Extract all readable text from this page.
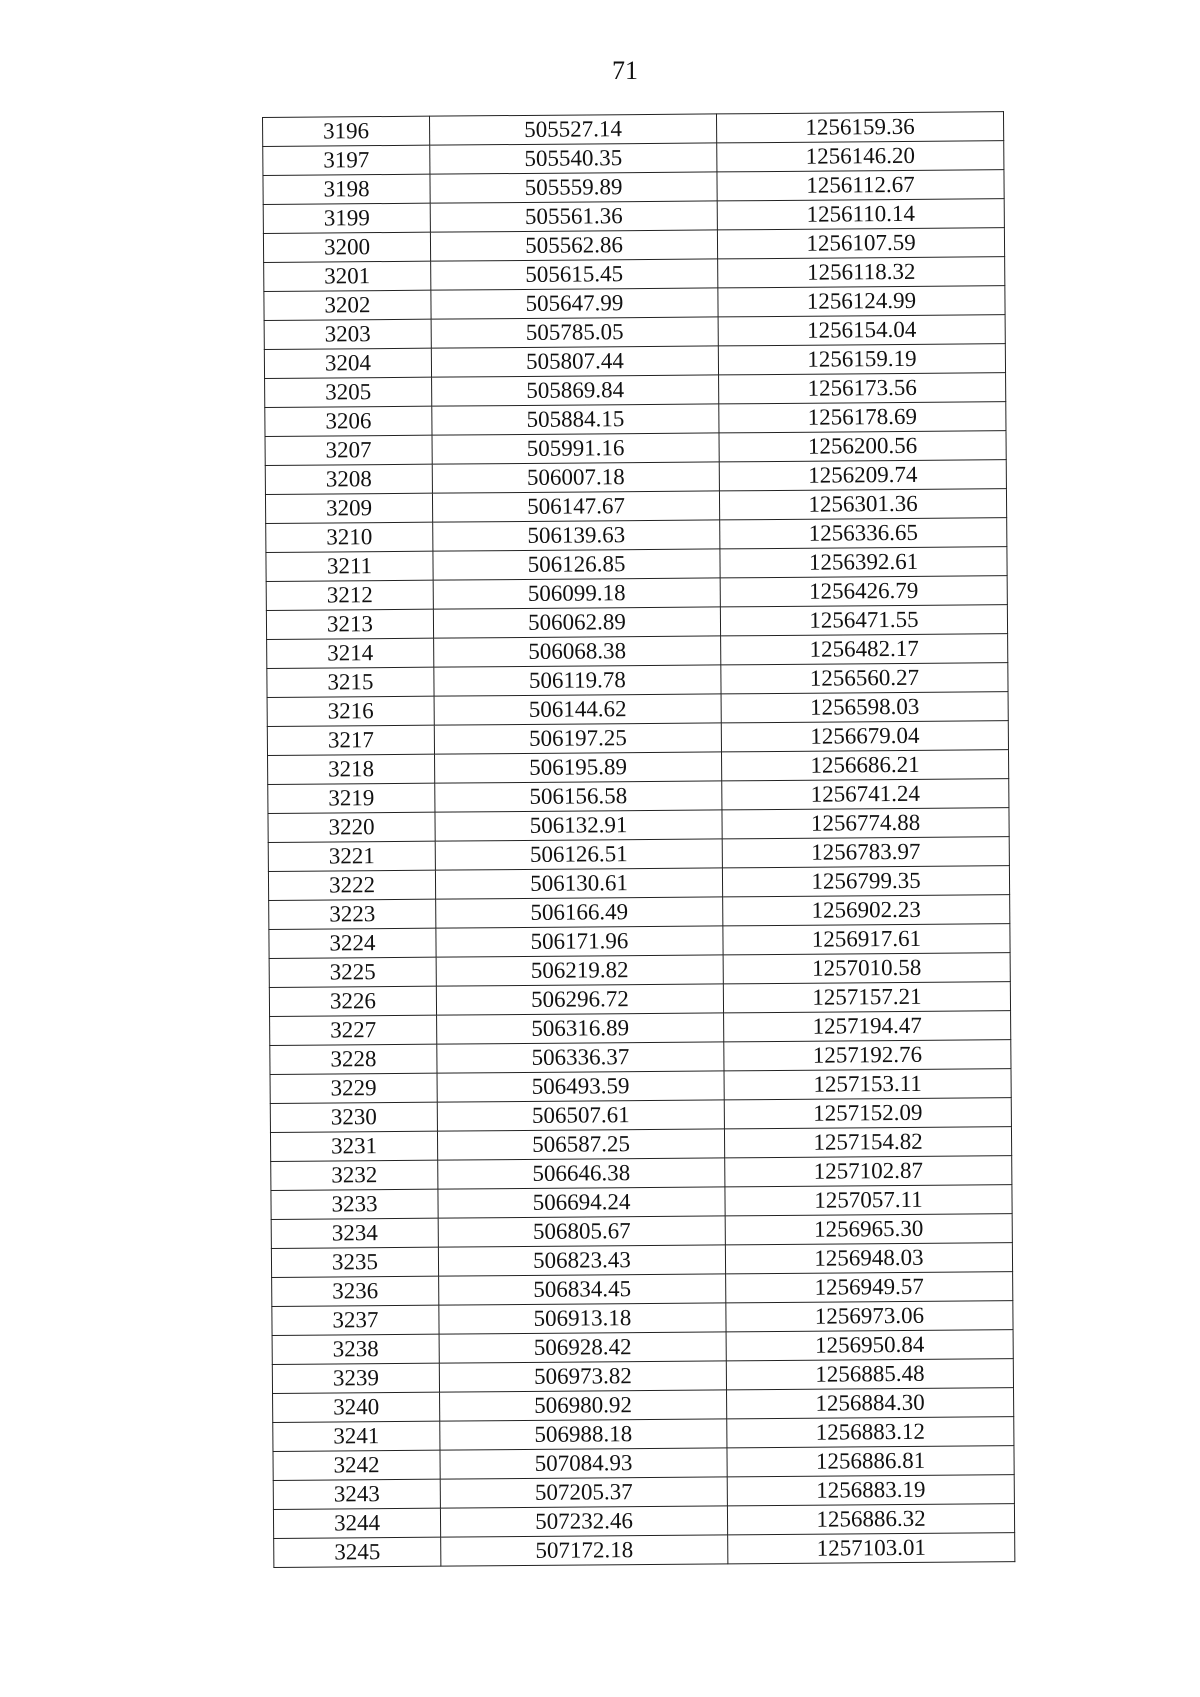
71
3196	505527.14	1256159.36
3197	505540.35	1256146.20
3198	505559.89	1256112.67
3199	505561.36	1256110.14
3200	505562.86	1256107.59
3201	505615.45	1256118.32
3202	505647.99	1256124.99
3203	505785.05	1256154.04
3204	505807.44	1256159.19
3205	505869.84	1256173.56
3206	505884.15	1256178.69
3207	505991.16	1256200.56
3208	506007.18	1256209.74
3209	506147.67	1256301.36
3210	506139.63	1256336.65
3211	506126.85	1256392.61
3212	506099.18	1256426.79
3213	506062.89	1256471.55
3214	506068.38	1256482.17
3215	506119.78	1256560.27
3216	506144.62	1256598.03
3217	506197.25	1256679.04
3218	506195.89	1256686.21
3219	506156.58	1256741.24
3220	506132.91	1256774.88
3221	506126.51	1256783.97
3222	506130.61	1256799.35
3223	506166.49	1256902.23
3224	506171.96	1256917.61
3225	506219.82	1257010.58
3226	506296.72	1257157.21
3227	506316.89	1257194.47
3228	506336.37	1257192.76
3229	506493.59	1257153.11
3230	506507.61	1257152.09
3231	506587.25	1257154.82
3232	506646.38	1257102.87
3233	506694.24	1257057.11
3234	506805.67	1256965.30
3235	506823.43	1256948.03
3236	506834.45	1256949.57
3237	506913.18	1256973.06
3238	506928.42	1256950.84
3239	506973.82	1256885.48
3240	506980.92	1256884.30
3241	506988.18	1256883.12
3242	507084.93	1256886.81
3243	507205.37	1256883.19
3244	507232.46	1256886.32
3245	507172.18	1257103.01
